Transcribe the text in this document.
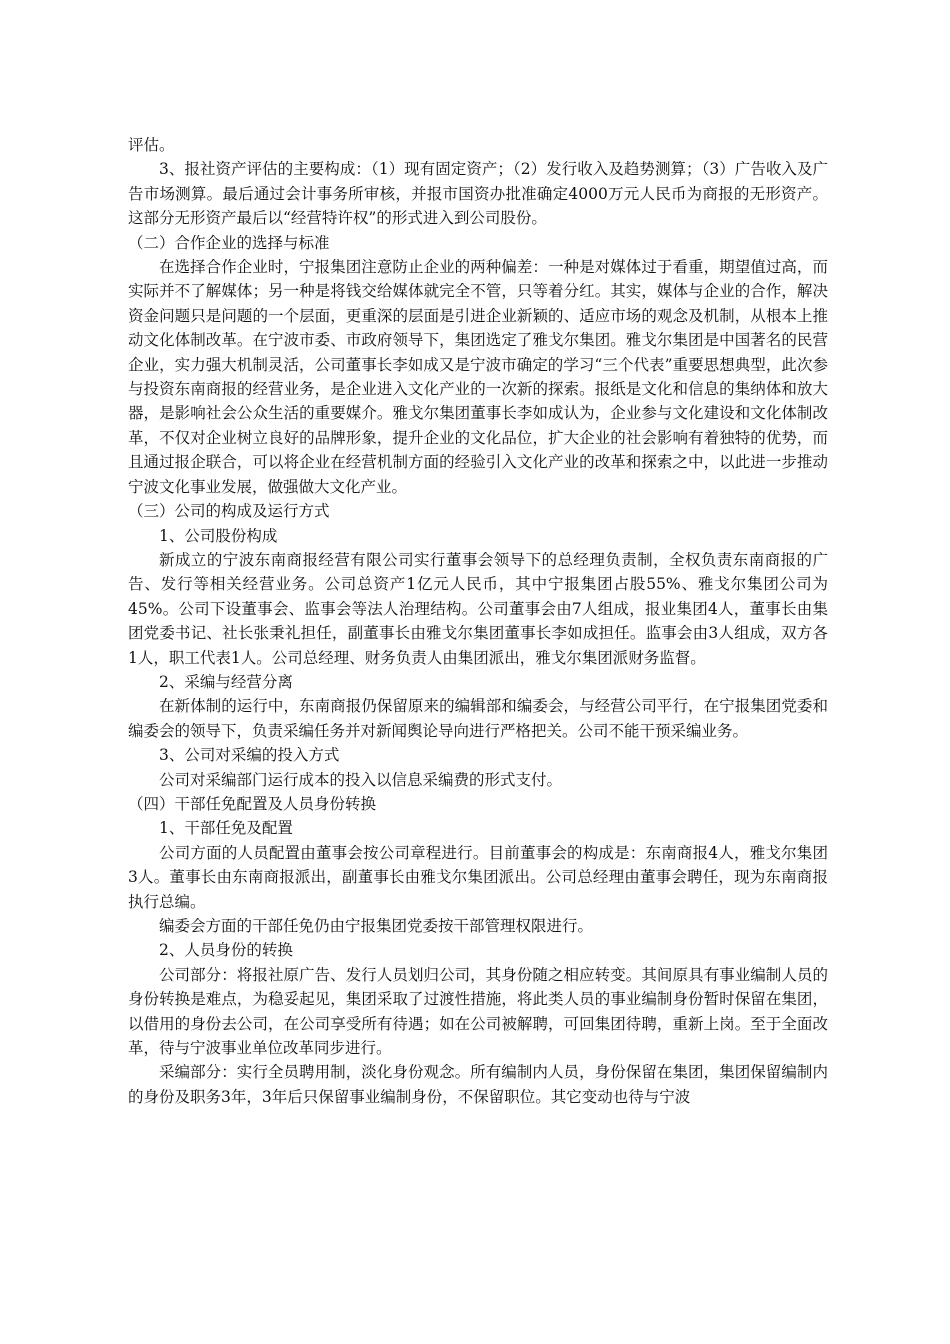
评估。

3、报社资产评估的主要构成：（1）现有固定资产；（2）发行收入及趋势测算；（3）广告收入及广告市场测算。最后通过会计事务所审核，并报市国资办批准确定4000万元人民币为商报的无形资产。这部分无形资产最后以“经营特许权”的形式进入到公司股份。

（二）合作企业的选择与标准

在选择合作企业时，宁报集团注意防止企业的两种偏差：一种是对媒体过于看重，期望值过高，而实际并不了解媒体；另一种是将钱交给媒体就完全不管，只等着分红。其实，媒体与企业的合作，解决资金问题只是问题的一个层面，更重深的层面是引进企业新颖的、适应市场的观念及机制，从根本上推动文化体制改革。在宁波市委、市政府领导下，集团选定了雅戈尔集团。雅戈尔集团是中国著名的民营企业，实力强大机制灵活，公司董事长李如成又是宁波市确定的学习“三个代表”重要思想典型，此次参与投资东南商报的经营业务，是企业进入文化产业的一次新的探索。报纸是文化和信息的集纳体和放大器，是影响社会公众生活的重要媒介。雅戈尔集团董事长李如成认为，企业参与文化建设和文化体制改革，不仅对企业树立良好的品牌形象，提升企业的文化品位，扩大企业的社会影响有着独特的优势，而且通过报企联合，可以将企业在经营机制方面的经验引入文化产业的改革和探索之中，以此进一步推动宁波文化事业发展，做强做大文化产业。

（三）公司的构成及运行方式

1、公司股份构成

新成立的宁波东南商报经营有限公司实行董事会领导下的总经理负责制，全权负责东南商报的广告、发行等相关经营业务。公司总资产1亿元人民币，其中宁报集团占股55%、雅戈尔集团公司为45%。公司下设董事会、监事会等法人治理结构。公司董事会由7人组成，报业集团4人，董事长由集团党委书记、社长张秉礼担任，副董事长由雅戈尔集团董事长李如成担任。监事会由3人组成，双方各1人，职工代表1人。公司总经理、财务负责人由集团派出，雅戈尔集团派财务监督。

2、采编与经营分离

在新体制的运行中，东南商报仍保留原来的编辑部和编委会，与经营公司平行，在宁报集团党委和编委会的领导下，负责采编任务并对新闻舆论导向进行严格把关。公司不能干预采编业务。

3、公司对采编的投入方式

公司对采编部门运行成本的投入以信息采编费的形式支付。

（四）干部任免配置及人员身份转换

1、干部任免及配置

公司方面的人员配置由董事会按公司章程进行。目前董事会的构成是：东南商报4人，雅戈尔集团3人。董事长由东南商报派出，副董事长由雅戈尔集团派出。公司总经理由董事会聘任，现为东南商报执行总编。

编委会方面的干部任免仍由宁报集团党委按干部管理权限进行。

2、人员身份的转换

公司部分：将报社原广告、发行人员划归公司，其身份随之相应转变。其间原具有事业编制人员的身份转换是难点，为稳妥起见，集团采取了过渡性措施，将此类人员的事业编制身份暂时保留在集团，以借用的身份去公司，在公司享受所有待遇；如在公司被解聘，可回集团待聘，重新上岗。至于全面改革，待与宁波事业单位改革同步进行。

采编部分：实行全员聘用制，淡化身份观念。所有编制内人员，身份保留在集团，集团保留编制内的身份及职务3年，3年后只保留事业编制身份，不保留职位。其它变动也待与宁波
